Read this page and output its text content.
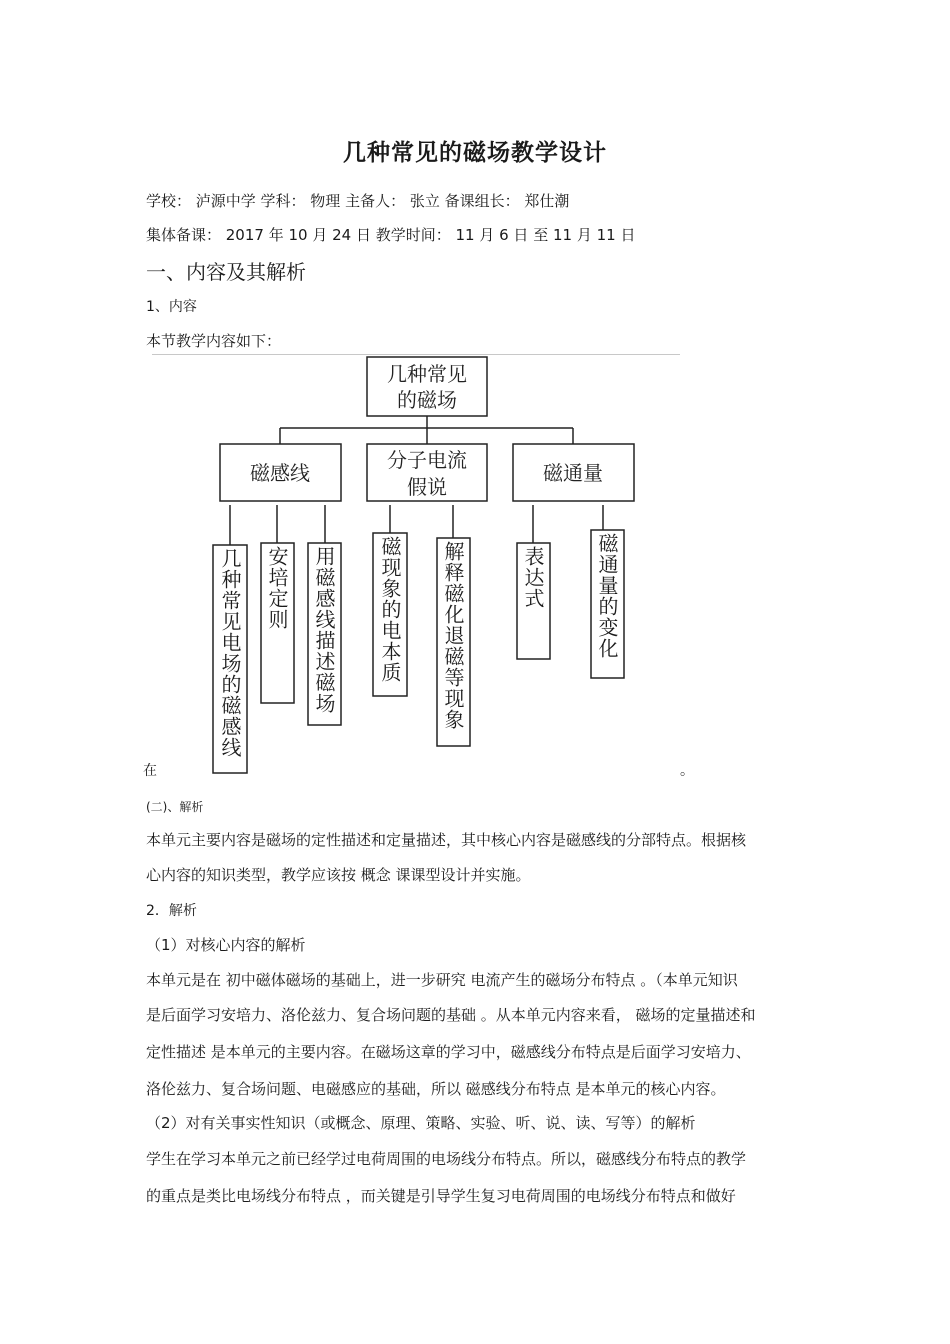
几种常见的磁场教学设计
学校： 泸源中学 学科： 物理 主备人： 张立 备课组长： 郑仕潮
集体备课： 2017 年 10 月 24 日 教学时间： 11 月 6 日 至 11 月 11 日
一、内容及其解析
1、内容
本节教学内容如下：
几种常见
的磁场
磁感线
分子电流
假说
磁通量
几种常见电场的磁感线 安培定则 用磁感线描述磁场 磁现象的电本质 解释磁化退磁等现象	表达式	磁通量的变化
在	。
(二)、解析
本单元主要内容是磁场的定性描述和定量描述，其中核心内容是磁感线的分部特点。根据核
心内容的知识类型，教学应该按 概念 课课型设计并实施。
2．解析
（1）对核心内容的解析
本单元是在 初中磁体磁场的基础上，进一步研究 电流产生的磁场分布特点 。（本单元知识
是后面学习安培力、洛伦兹力、复合场问题的基础 。从本单元内容来看， 磁场的定量描述和
定性描述 是本单元的主要内容。在磁场这章的学习中，磁感线分布特点是后面学习安培力、
洛伦兹力、复合场问题、电磁感应的基础，所以 磁感线分布特点 是本单元的核心内容。
（2）对有关事实性知识（或概念、原理、策略、实验、听、说、读、写等）的解析
学生在学习本单元之前已经学过电荷周围的电场线分布特点。所以，磁感线分布特点的教学
的重点是类比电场线分布特点 ，而关键是引导学生复习电荷周围的电场线分布特点和做好
